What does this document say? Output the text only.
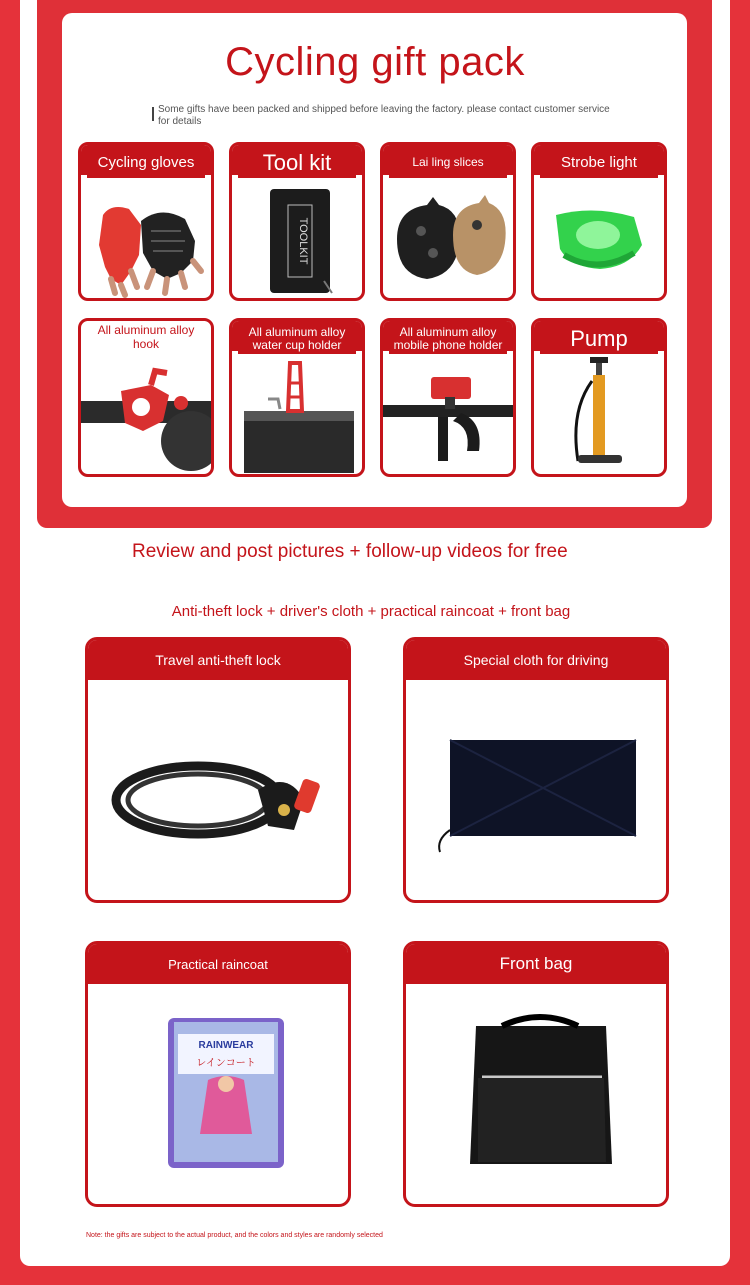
Cycling gift pack
Some gifts have been packed and shipped before leaving the factory. please contact customer service for details
Cycling gloves	Tool kit
TOOLKIT
Lai ling slices	Strobe light
All aluminum alloy hook
All aluminum alloy water cup holder
All aluminum alloy mobile phone holder	Pump
Review and post pictures + follow-up videos for free
Anti-theft lock + driver's cloth + practical raincoat + front bag
Travel anti-theft lock	Special cloth for driving
Practical raincoat
RAINWEAR
レインコート
Front bag
Note: the gifts are subject to the actual product, and the colors and styles are randomly selected
